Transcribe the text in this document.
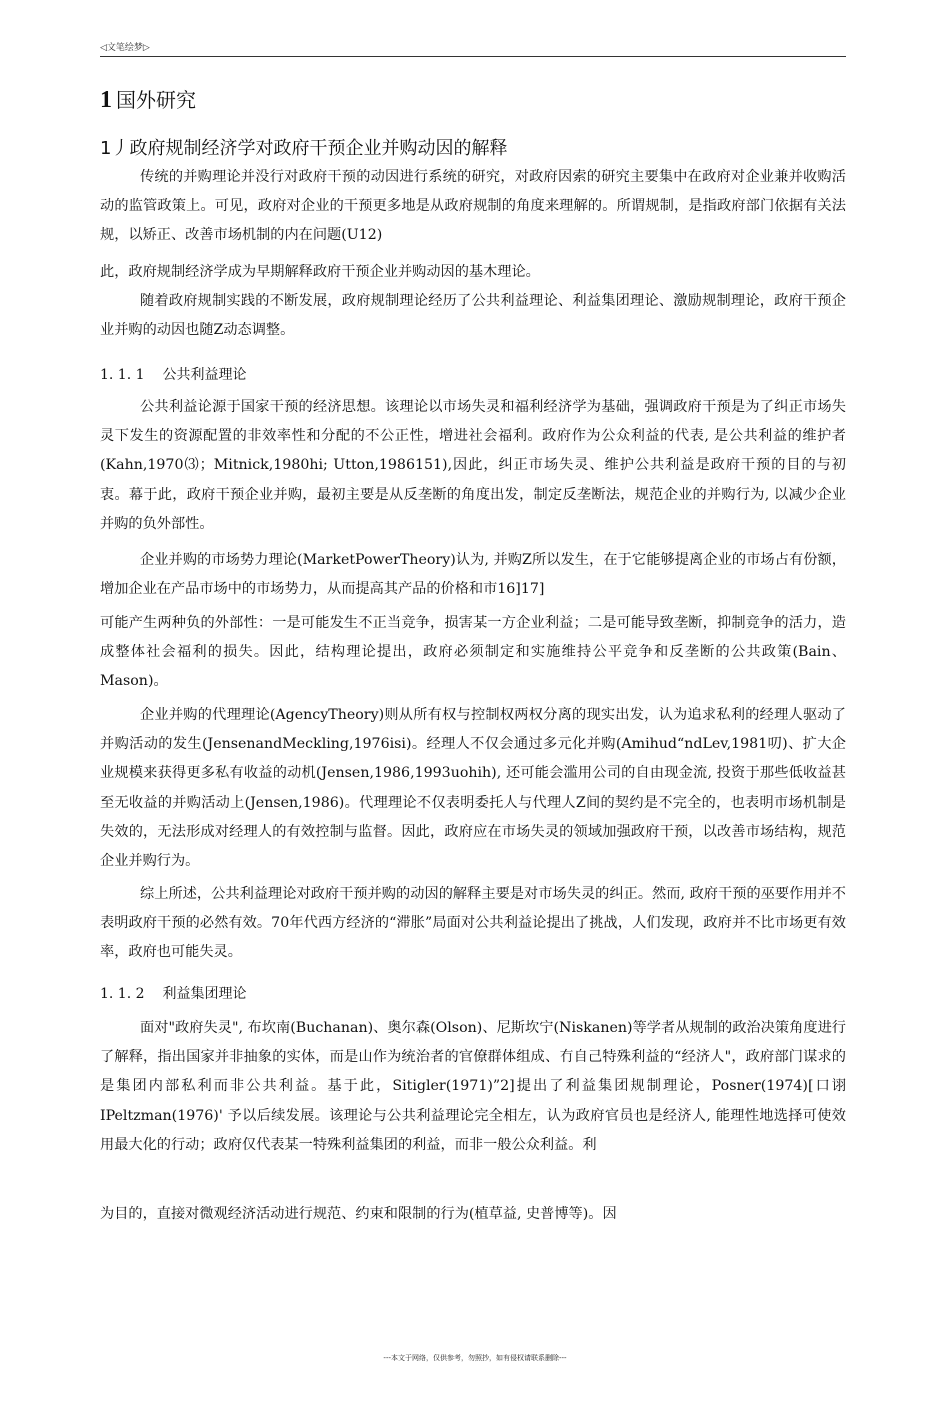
◁文笔绘梦▷
1 国外研究
1丿政府规制经济学对政府干预企业并购动因的解释

传统的并购理论并没行对政府干预的动因进行系统的研究，对政府因索的研究主要集中在政府对企业兼并收购活动的监管政策上。可见，政府对企业的干预更多地是从政府规制的角度来理解的。所谓规制，是指政府部门依据有关法规，以矫正、改善市场机制的内在问题(U12)

此，政府规制经济学成为早期解释政府干预企业并购动因的基木理论。

随着政府规制实践的不断发展，政府规制理论经历了公共利益理论、利益集团理论、激励规制理论，政府干预企业并购的动因也随Z动态调整。

1. 1. 1 公共利益理论

公共利益论源于国家干预的经济思想。该理论以市场失灵和福利经济学为基础，强调政府干预是为了纠正市场失灵下发生的资源配置的非效率性和分配的不公正性，增进社会福利。政府作为公众利益的代表, 是公共利益的维护者(Kahn,1970⑶；Mitnick,1980hi; Utton,1986151),因此，纠正市场失灵、维护公共利益是政府干预的目的与初衷。幕于此，政府干预企业并购，最初主要是从反垄断的角度出发，制定反垄断法，规范企业的并购行为, 以减少企业并购的负外部性。

企业并购的市场势力理论(MarketPowerTheory)认为, 并购Z所以发生，在于它能够提离企业的市场占有份额，增加企业在产品市场中的市场势力，从而提高其产品的价格和市16]17]

可能产生两种负的外部性：一是可能发生不正当竞争，损害某一方企业利益；二是可能导致垄断，抑制竞争的活力，造成整体社会福利的损失。因此，结构理论提出，政府必须制定和实施维持公平竞争和反垄断的公共政策(Bain、Mason)。

企业并购的代理理论(AgencyTheory)则从所有权与控制权两权分离的现实出发，认为追求私利的经理人驱动了并购活动的发生(JensenandMeckling,1976isi)。经理人不仅会通过多元化并购(Amihud“ndLev,1981叨)、扩大企业规模来获得更多私有收益的动机(Jensen,1986,1993uohih), 还可能会滥用公司的自由现金流, 投资于那些低收益甚至无收益的并购活动上(Jensen,1986)。代理理论不仅表明委托人与代理人Z间的契约是不完全的，也表明市场机制是失效的，无法形成对经理人的有效控制与监督。因此，政府应在市场失灵的领域加强政府干预，以改善市场结构，规范企业并购行为。

综上所述，公共利益理论对政府干预并购的动因的解释主要是对市场失灵的纠正。然而, 政府干预的巫要作用并不表明政府干预的必然有效。70年代西方经济的“滞胀”局面对公共利益论提出了挑战，人们发现，政府并不比市场更有效率，政府也可能失灵。

1. 1. 2 利益集团理论

面对"政府失灵", 布坎南(Buchanan)、奥尔森(Olson)、尼斯坎宁(Niskanen)等学者从规制的政治决策角度进行了解释，指出国家并非抽象的实体，而是山作为统治者的官僚群体组成、冇自己特殊利益的“经济人"，政府部门谋求的是集团内部私利而非公共利益。基于此，Sitigler(1971)”2]提出了利益集团规制理论，Posner(1974)[口诩 IPeltzman(1976)' 予以后续发展。该理论与公共利益理论完全相左，认为政府官员也是经济人, 能理性地选择可使效用最大化的行动；政府仅代表某一特殊利益集团的利益，而非一般公众利益。利

为目的，直接对微观经济活动进行规范、约束和限制的行为(植草益, 史普博等)。因

---本文于网络，仅供参考，勿照抄，如有侵权请联系删除---
